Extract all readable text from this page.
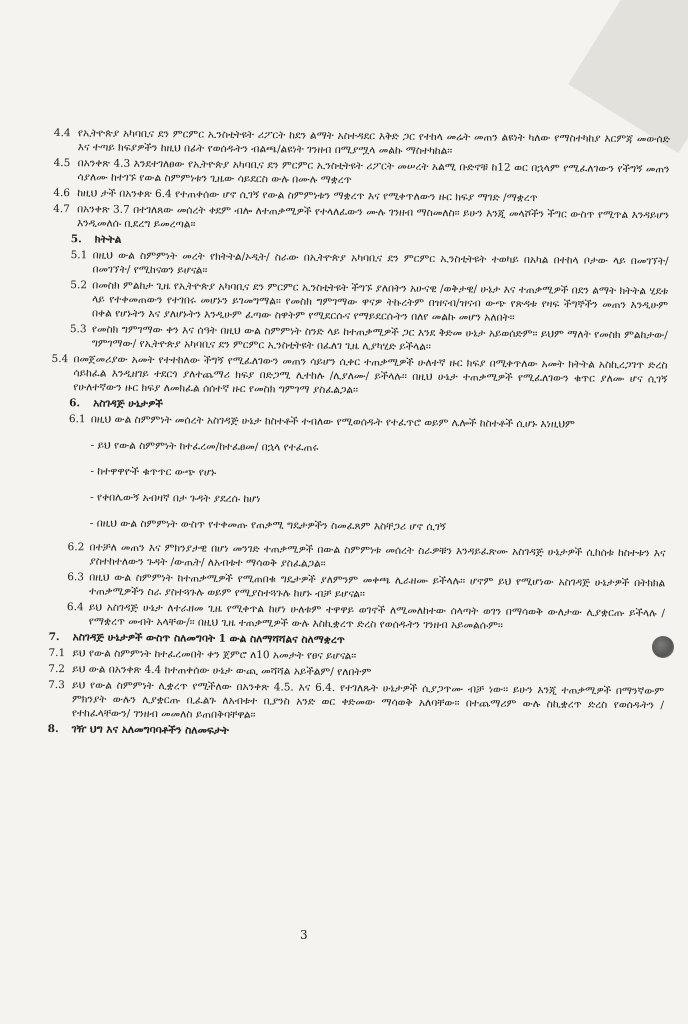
4.4 የኢትዮጵያ አካባቢና ደን ምርምር ኢንስቲትዩት ሪፖርት ከደን ልማት አስተዳደር እቅድ ጋር የተከላ መሬት መጠን ልዩነት ካለው የማስተካከያ እርምጃ መውሰድ እና ተጣይ ክፍያዎችን ከዚህ በፊት የወሰዱትን ብልጫ/ልዩነት ገንዘብ በሚያሟላ መልኩ ማስተካከል፡፡
4.5 በአንቀጽ 4.3 እንደተገለፀው የኢትዮጵያ አካባቢና ደን ምርምር ኢንስቲትዩት ሪፖርት መሠረት አልሚ ቡድኖቹ ከ12 ወር በኋላም የሚፈለገውን የችግኝ መጠን ሳያለሙ ከተገኙ የውል ስምምነቱን ጊዜው ሳይደርስ ውሉ በሙሉ ማቋረጥ
4.6 ከዚህ ታች በአንቀጽ 6.4 የተጠቀሰው ሆኖ ሲገኝ የውል ስምምነቱን ማቋረጥ እና የሚቀጥለውን ዙር ክፍያ ማገድ /ማቋረጥ
4.7 በአንቀጽ 3.7 በተገለጸው መሰረት ቀደም ብሎ ለተጠቃሚዎች የተላለፈውን ሙሉ ገንዘብ ማስመለስ፡፡ ይሁን እንጂ መላሾችን ችግር ውስጥ የሚጥል እንዳይሆን እንዲመለሱ ቢደረግ ይመረጣል፡፡
5.	ክትትል
5.1 በዚህ ውል ስምምነት መረት የክትትል/ኦዲት/ ስራው በኢትዮጵያ አካባቢና ደን ምርምር ኢንስቲትዩት ተወካይ በአካል በተከላ ቦታው ላይ በመገኘት/በመገኘት/ የሚከናወን ይሆናል፡፡
5.2 በመስክ ምልከታ ጊዜ የኢትዮጵያ አካባቢና ደን ምርምር ኢንስቲትዩት ችግኙ ያለበትን አሁናዊ /ወቅታዊ/ ሁኔታ እና ተጠቃሚዎች በደን ልማት ክትትል ሂደቱ ላይ የተቀመጠውን የተገበሩ መሆኑን ይገመግማል፡፡ የመስክ ግምገማው ዋናዎ ትኩረትም በዝናብ/ዝናብ ውጭ የጽዳቱ የዛፍ ችግኞችን መጠን እንዲሁም በቀል የሆኑትን እና ያለሆኑትን እንዲሁም ፈጣው ስዋትም የሚደርሱና የማይደርሱትን በለየ መልኩ መሆን አለበት፡፡
5.3 የመስክ ግምገማው ቀን እና ሰዓት በዚህ ውል ስምምነት ስንድ ላይ ከተጠቃሚዎች ጋር እንደ ቅድመ ሁኔታ አይወሰድም፡፡ ይህም ማለት የመስክ ምልከታው/ግምገማው/ የኢትዮጵያ አካባቢና ደን ምርምር ኢንስቲትዩት በፈለገ ጊዜ ሊያካሂድ ይችላል፡፡
5.4 በመጀመሪያው አመት የተተከለው ችግኝ የሚፈለገውን መጠን ሳይሆን ሲቀር ተጠቃሚዎች ሁለተኛ ዙር ክፍያ በሚቀጥለው አመት ክትትል አስኪረጋገጥ ድረስ ሳይከፈል እንዲዘገይ ተደርጎ ያለተጨማሪ ክፍያ በድጋሚ ሊተከሉ /ሊያለሙ/ ይችላሉ፡፡ በዚህ ሁኔታ ተጠቃሚዎች የሚፈለገውን ቁጥር ያለሙ ሆና ሲገኝ የሁለተኛውን ዙር ክፍያ ለመክፈል ሰሰተኛ ዙር የመስክ ግምገማ ያስፈልጋል፡፡
6.	አስገዳጅ ሁኔታዎች
6.1 በዚህ ውል ስምምነት መሰረት አስገዳጅ ሁኔታ ከስተቶች ተብለው የሚወሰዱት የተፈጥሮ ወይም ሌሎች ከስተቶች ሲሆኑ እነዚህም
- ይህ የውል ስምምነት ከተፈረመ/ከተፈፀመ/ በኋላ የተፈጠሩ
- ከተዋዋዮች ቁጥጥር ውጭ የሆኑ
- የቀበሌውኝ አብዛኛ በታ ጉዳት ያደረሱ ከሆነ
- በዚህ ውል ስምምነት ውስጥ የተቀመጡ የጠቃሚ ግዴታዎችን ስመፈጸም እስቸጋሪ ሆኖ ሲገኝ
6.2 በተቻለ መጠን እና ምክንያታዊ በሆነ መንገድ ተጠቃሚዎች በውል ስምምነቱ መሰረት ስራዎቹን እንዳይፈጽሙ አስገዳጅ ሁኔታዎች ሲከሰቱ ከስተቱን እና ያስተከተለውን ጉዳት /ውጤት/ ለአብቱተ ማሳወቅ ያስፈልጋል፡፡
6.3 በዚህ ውል ስምምነት ከተጠቃሚዎች የሚጠበቁ ግዴታዎች ያለምንም መቀጫ ሊራዘሙ ይችላሉ፡፡ ሆኖም ይህ የሚሆነው አስገዳጅ ሁኔታዎች በትክክል ተጠቃሚዎችን ስራ ያስተጓጉሉ ወይም የሚያስተጓጉሉ ከሆኑ ብቻ ይሆናል፡፡
6.4 ይህ አስገዳጅ ሁኔታ ለተራዘመ ጊዜ የሚቀጥል ከሆነ ሁለቱም ተዋዋይ ወገኖች ለሚመለከተው ሰላጣት ወገን በማሳወቅ ውለታው ሊያቋርጡ ይችላሉ /የማቋረጥ መብት አላቸው/፡፡ በዚህ ጊዜ ተጠቃሚዎች ውሉ እስኪቋረጥ ድረስ የወሰዱትን ገንዘብ አይመልሱም፡፡
7.	አስገዳጅ ሁኔታዎች ውስጥ ስለመግባት 1 ውል ስለማሻሻልና ስለማቋረጥ
7.1 ይህ የውል ስምምነት ከተፈረመበት ቀን ጀምሮ ለ10 አመታት የፀና ይሆናል፡፡
7.2 ይህ ውል በአንቀጽ 4.4 ከተጠቀሰው ሁኔታ ውጪ መሻሻል አይችልም/ የለበትም
7.3 ይህ የውል ስምምነት ሊቋረጥ የሚችለው በአንቀጽ 4.5. እና 6.4. የተገለጹት ሁኔታዎች ሲያጋጥሙ ብቻ ነው፡፡ ይሁን እንጂ ተጠቃሚዎች በማንኛውም ምክንያት ውሉን ሊያቋርጡ ቢፈልጉ ለአብቱተ ቢያንስ አንድ ወር ቀድመው ማሳወቅ አለባቸው፡፡ በተጨማሪም ውሉ ስኪቋረጥ ድረስ የወሰዱትን /የተከፈላቸውን/ ገንዘብ መመለስ ይጠበቅባቸዋል፡፡
8.	ገዥ ህግ እና አለመግባባቶችን ስለመፍታት
3
